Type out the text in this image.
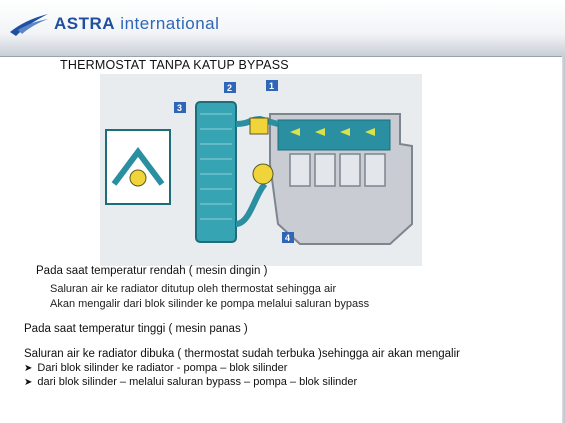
ASTRA international
THERMOSTAT TANPA KATUP BYPASS
1
2
3
4
Pada saat temperatur rendah ( mesin dingin )
Saluran air ke radiator ditutup oleh thermostat sehingga air
Akan mengalir dari blok silinder ke pompa melalui saluran bypass
Pada saat temperatur tinggi ( mesin panas )
Saluran air ke radiator dibuka ( thermostat sudah terbuka )sehingga air akan mengalir
➤ Dari blok silinder ke radiator - pompa – blok silinder
➤ dari blok silinder – melalui saluran bypass – pompa – blok silinder
